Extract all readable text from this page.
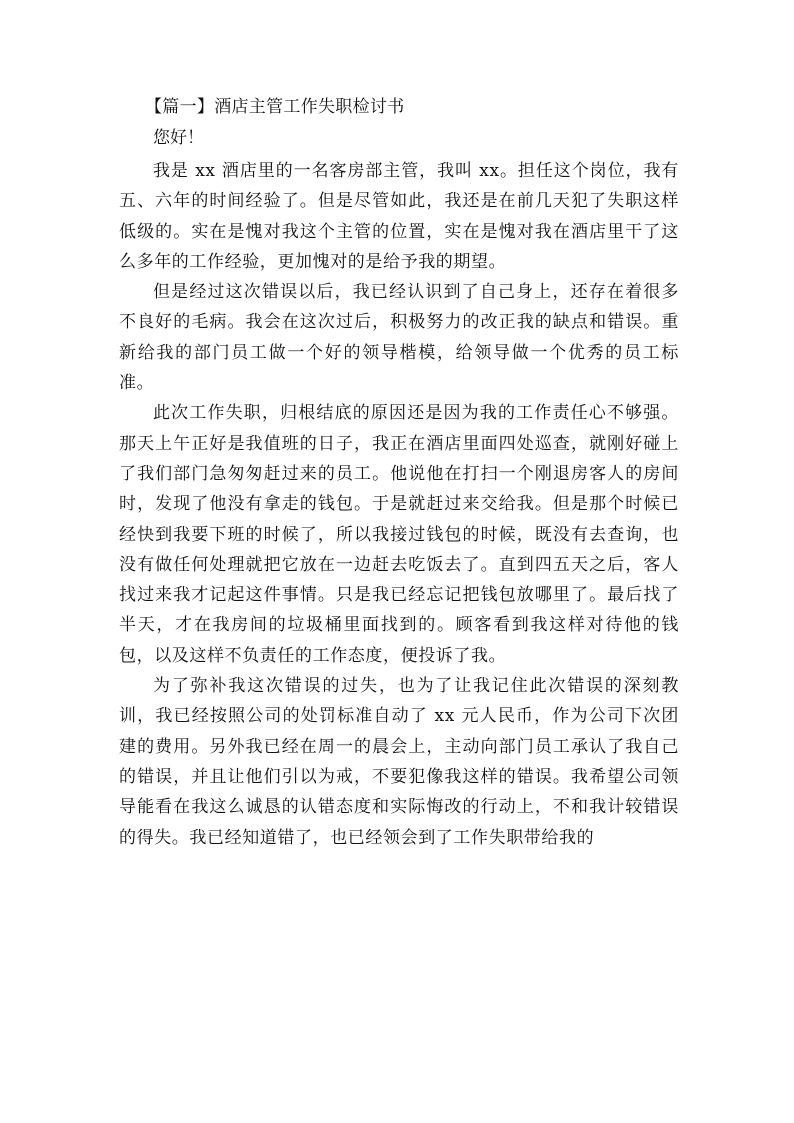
【篇一】酒店主管工作失职检讨书
您好！

我是 xx 酒店里的一名客房部主管，我叫 xx。担任这个岗位，我有五、六年的时间经验了。但是尽管如此，我还是在前几天犯了失职这样低级的。实在是愧对我这个主管的位置，实在是愧对我在酒店里干了这么多年的工作经验，更加愧对的是给予我的期望。

但是经过这次错误以后，我已经认识到了自己身上，还存在着很多不良好的毛病。我会在这次过后，积极努力的改正我的缺点和错误。重新给我的部门员工做一个好的领导楷模，给领导做一个优秀的员工标准。

此次工作失职，归根结底的原因还是因为我的工作责任心不够强。那天上午正好是我值班的日子，我正在酒店里面四处巡查，就刚好碰上了我们部门急匆匆赶过来的员工。他说他在打扫一个刚退房客人的房间时，发现了他没有拿走的钱包。于是就赶过来交给我。但是那个时候已经快到我要下班的时候了，所以我接过钱包的时候，既没有去查询，也没有做任何处理就把它放在一边赶去吃饭去了。直到四五天之后，客人找过来我才记起这件事情。只是我已经忘记把钱包放哪里了。最后找了半天，才在我房间的垃圾桶里面找到的。顾客看到我这样对待他的钱包，以及这样不负责任的工作态度，便投诉了我。

为了弥补我这次错误的过失，也为了让我记住此次错误的深刻教训，我已经按照公司的处罚标准自动了 xx 元人民币，作为公司下次团建的费用。另外我已经在周一的晨会上，主动向部门员工承认了我自己的错误，并且让他们引以为戒，不要犯像我这样的错误。我希望公司领导能看在我这么诚恳的认错态度和实际悔改的行动上，不和我计较错误的得失。我已经知道错了，也已经领会到了工作失职带给我的
